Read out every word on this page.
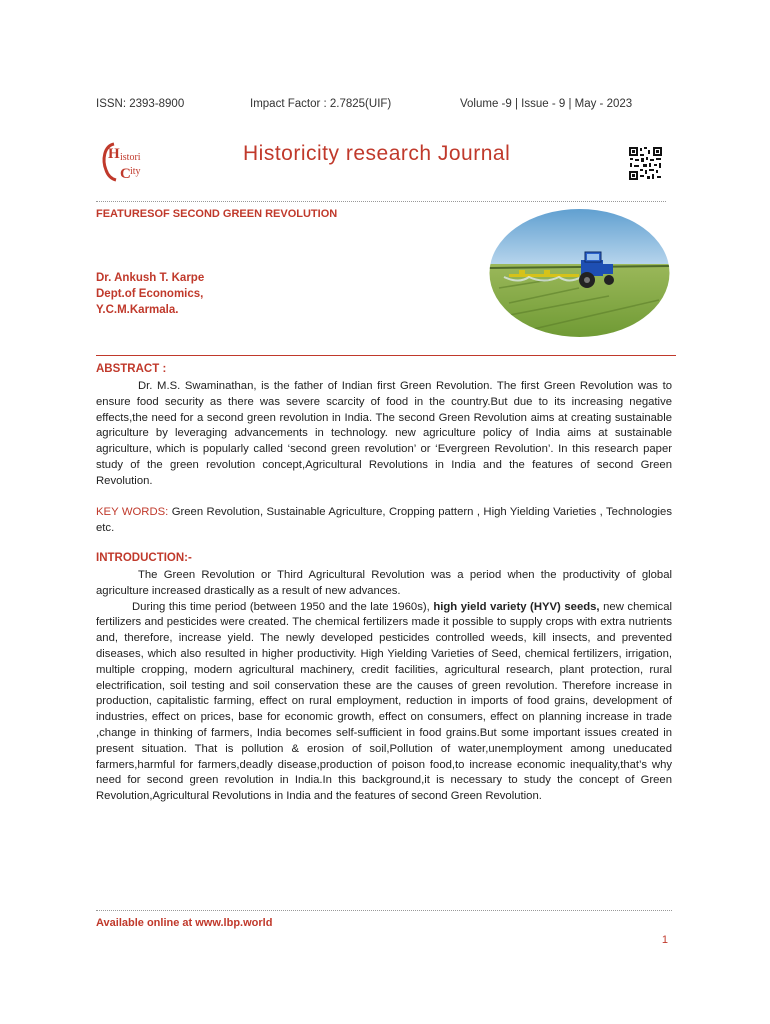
ISSN: 2393-8900	Impact Factor : 2.7825(UIF)	Volume -9 | Issue - 9 | May - 2023
H
C
istori
ity
Historicity research Journal
FEATURESOF SECOND GREEN REVOLUTION
Dr. Ankush T. Karpe
Dept.of Economics,
Y.C.M.Karmala.
ABSTRACT :

Dr. M.S. Swaminathan, is the father of Indian first Green Revolution. The first Green Revolution was to ensure food security as there was severe scarcity of food in the country.But due to its increasing negative effects,the need for a second green revolution in India. The second Green Revolution aims at creating sustainable agriculture by leveraging advancements in technology. new agriculture policy of India aims at sustainable agriculture, which is popularly called ‘second green revolution’ or ‘Evergreen Revolution’. In this research paper study of the green revolution concept,Agricultural Revolutions in India and the features of second Green Revolution.

KEY WORDS: Green Revolution, Sustainable Agriculture, Cropping pattern , High Yielding Varieties , Technologies etc.

INTRODUCTION:-

The Green Revolution or Third Agricultural Revolution was a period when the productivity of global agriculture increased drastically as a result of new advances.

During this time period (between 1950 and the late 1960s), high yield variety (HYV) seeds, new chemical fertilizers and pesticides were created. The chemical fertilizers made it possible to supply crops with extra nutrients and, therefore, increase yield. The newly developed pesticides controlled weeds, kill insects, and prevented diseases, which also resulted in higher productivity. High Yielding Varieties of Seed, chemical fertilizers, irrigation, multiple cropping, modern agricultural machinery, credit facilities, agricultural research, plant protection, rural electrification, soil testing and soil conservation these are the causes of green revolution. Therefore increase in production, capitalistic farming, effect on rural employment, reduction in imports of food grains, development of industries, effect on prices, base for economic growth, effect on consumers, effect on planning increase in trade ,change in thinking of farmers, India becomes self-sufficient in food grains.But some important issues created in present situation. That is pollution & erosion of soil,Pollution of water,unemployment among uneducated farmers,harmful for farmers,deadly disease,production of poison food,to increase economic inequality,that’s why need for second green revolution in India.In this background,it is necessary to study the concept of Green Revolution,Agricultural Revolutions in India and the features of second Green Revolution.

Available online at www.lbp.world
1
